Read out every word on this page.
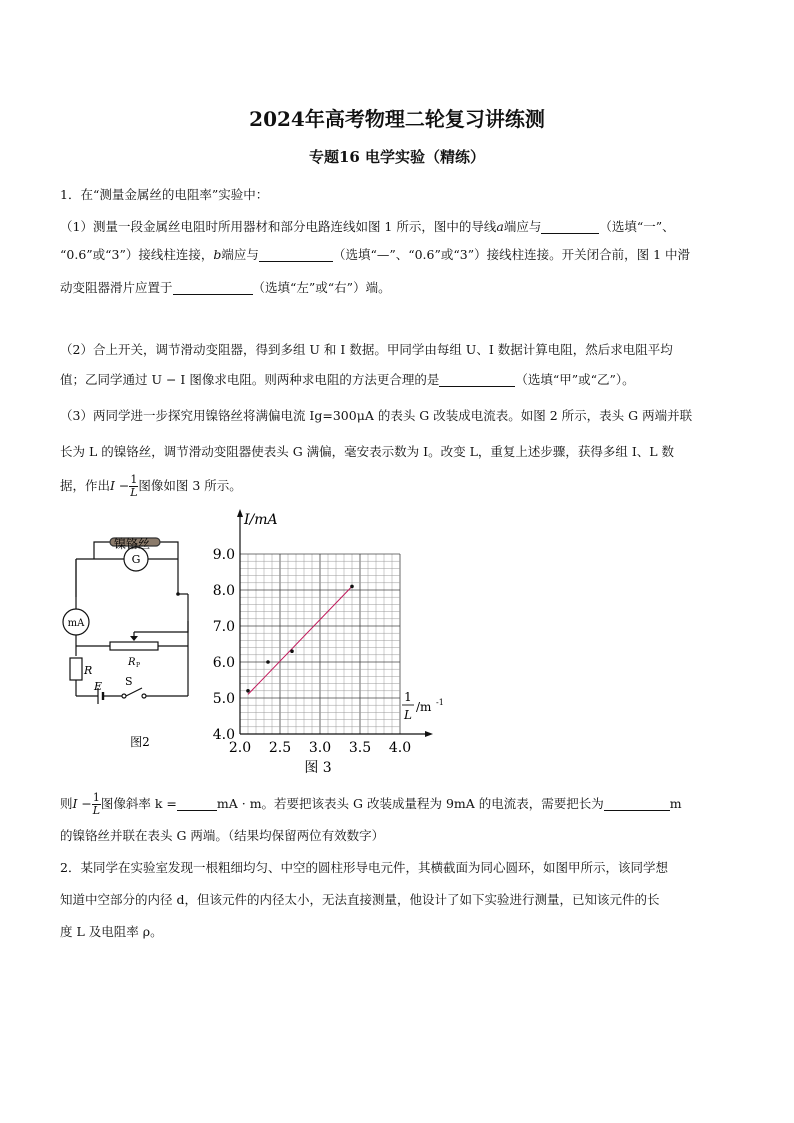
2024年高考物理二轮复习讲练测
专题16 电学实验（精练）
1．在“测量金属丝的电阻率”实验中：
（1）测量一段金属丝电阻时所用器材和部分电路连线如图 1 所示，图中的导线a端应与	（选填“一”、
“0.6”或“3”）接线柱连接，b端应与	（选填“—”、“0.6”或“3”）接线柱连接。开关闭合前，图 1 中滑
动变阻器滑片应置于	（选填“左”或“右”）端。
（2）合上开关，调节滑动变阻器，得到多组 U 和 I 数据。甲同学由每组 U、I 数据计算电阻，然后求电阻平均
值；乙同学通过 U − I 图像求电阻。则两种求电阻的方法更合理的是	（选填“甲”或“乙”）。
（3）两同学进一步探究用镍铬丝将满偏电流 Ig=300μA 的表头 G 改装成电流表。如图 2 所示，表头 G 两端并联
长为 L 的镍铬丝，调节滑动变阻器使表头 G 满偏，毫安表示数为 I。改变 L，重复上述步骤，获得多组 I、L 数
据，作出$I - \frac{1}{L}$ 图像如图 3 所示。
G
mA
镍铬丝
R P
R
E S
图2	2.0 2.5 3.0 3.5 4.0
4.0
5.0
6.0
7.0
8.0
9.0
I/mA
1
L
/m -1
图 3
则$I - \frac{1}{L}$ 图像斜率 k =	mA · m。若要把该表头 G 改装成量程为 9mA 的电流表，需要把长为	m
的镍铬丝并联在表头 G 两端。（结果均保留两位有效数字）
2．某同学在实验室发现一根粗细均匀、中空的圆柱形导电元件，其横截面为同心圆环，如图甲所示，该同学想
知道中空部分的内径 d，但该元件的内径太小，无法直接测量，他设计了如下实验进行测量，已知该元件的长
度 L 及电阻率 ρ。
